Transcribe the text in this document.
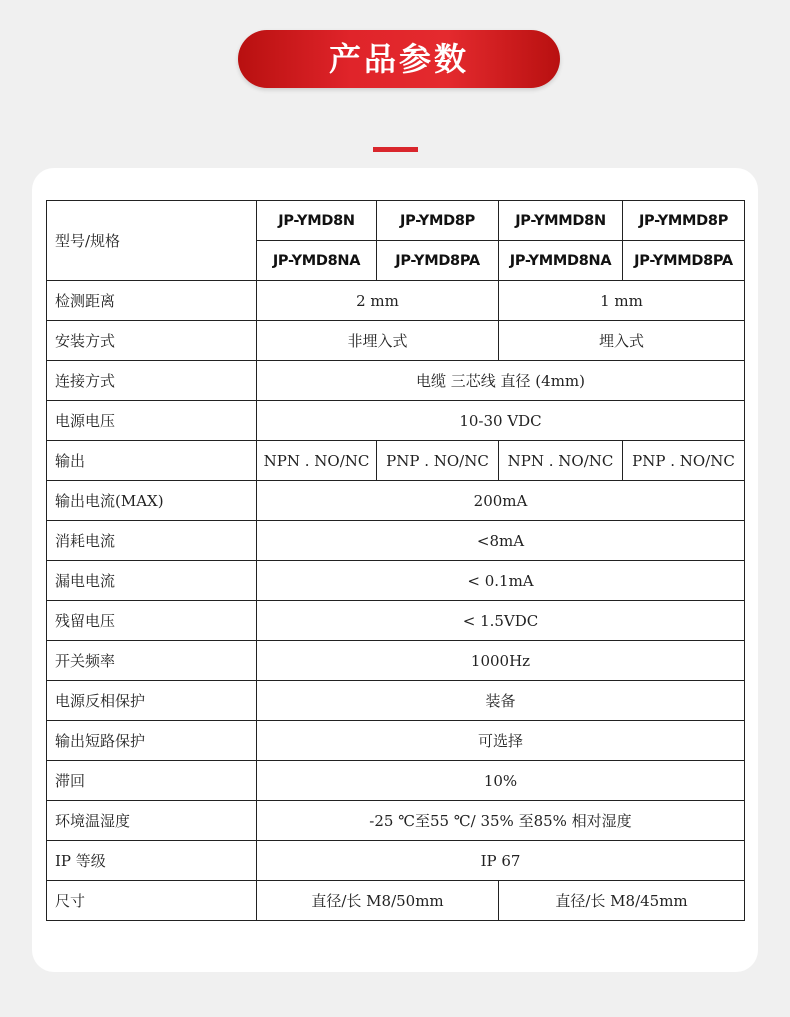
产品参数
型号/规格	JP-YMD8N	JP-YMD8P	JP-YMMD8N	JP-YMMD8P
	JP-YMD8NA	JP-YMD8PA	JP-YMMD8NA	JP-YMMD8PA
检测距离	2 mm		1 mm	
安装方式	非埋入式		埋入式	
连接方式	电缆 三芯线 直径 (4mm)			
电源电压	10-30 VDC			
输出	NPN . NO/NC	PNP . NO/NC	NPN . NO/NC	PNP . NO/NC
输出电流(MAX)	200mA			
消耗电流	<8mA			
漏电电流	< 0.1mA			
残留电压	< 1.5VDC			
开关频率	1000Hz			
电源反相保护	装备			
输出短路保护	可选择			
滞回	10%			
环境温湿度	-25 ℃至55 ℃/ 35% 至85% 相对湿度			
IP 等级	IP 67			
尺寸	直径/长 M8/50mm		直径/长 M8/45mm	
